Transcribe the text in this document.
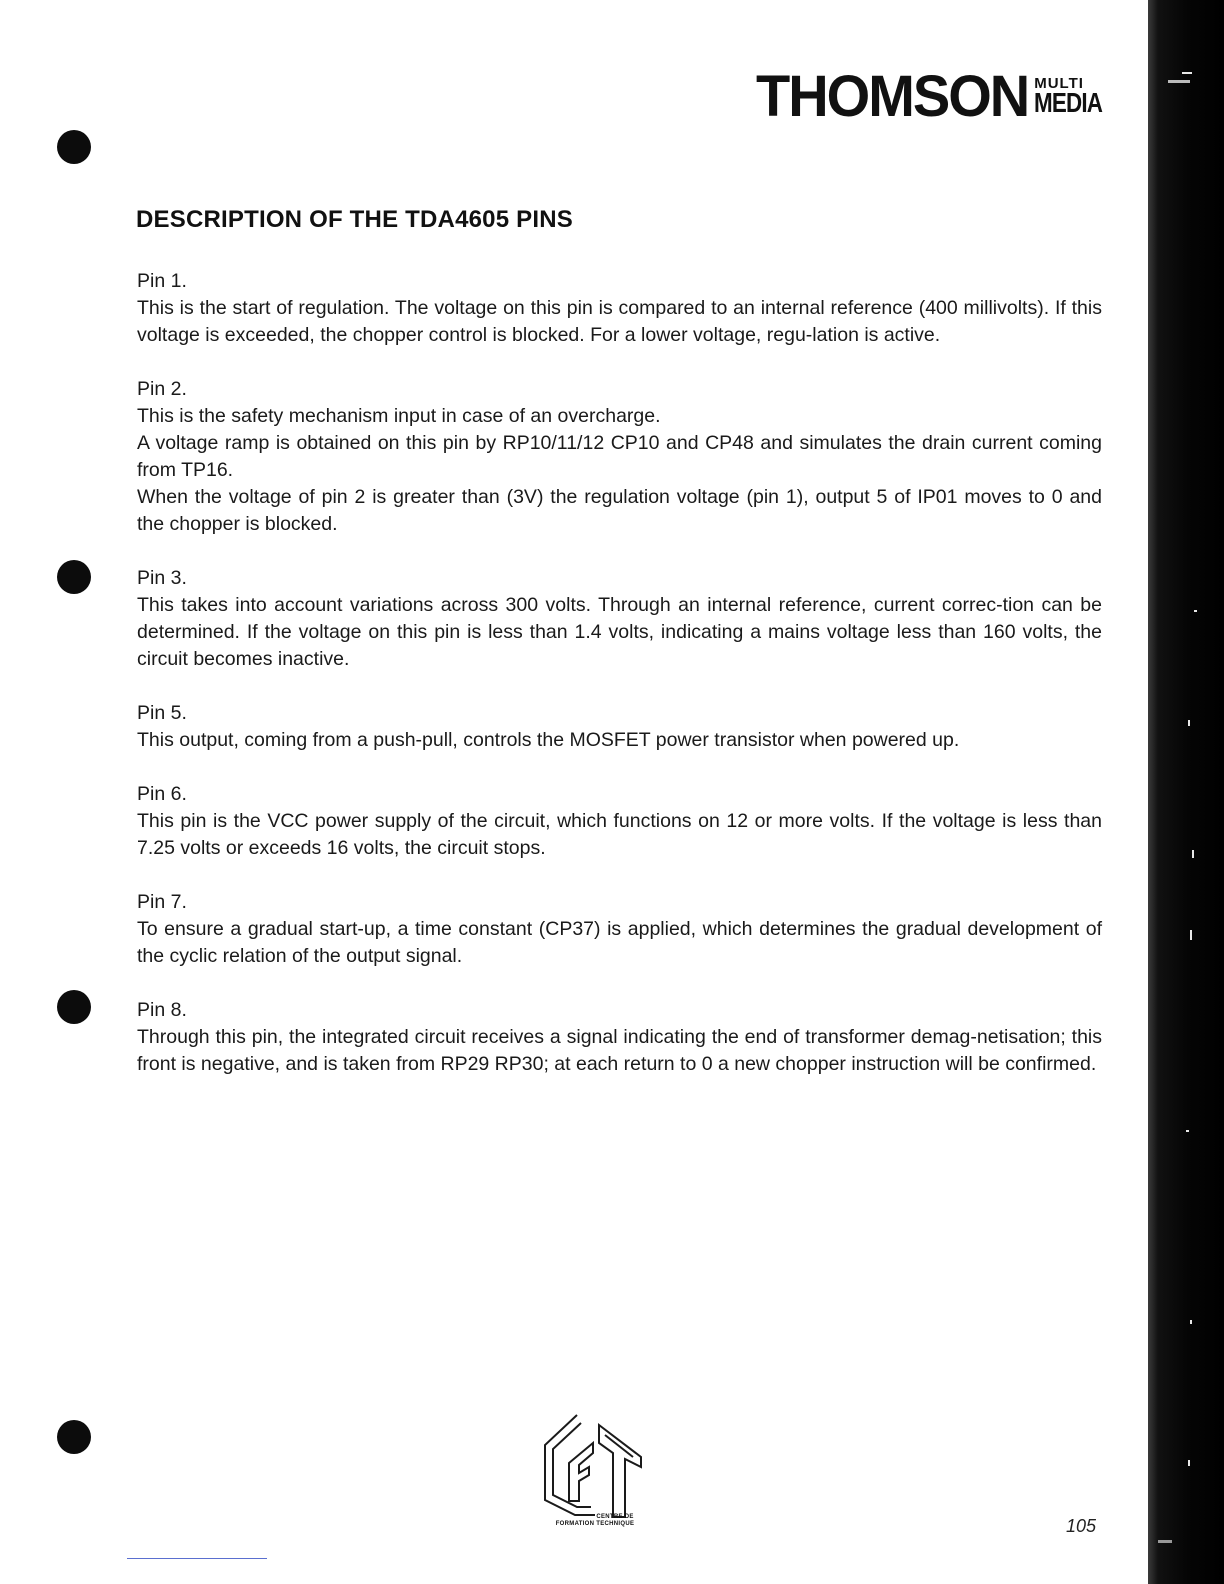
THOMSON MULTI
MEDIA
DESCRIPTION OF THE TDA4605 PINS
Pin 1.
This is the start of regulation. The voltage on this pin is compared to an internal reference (400 millivolts). If this voltage is exceeded, the chopper control is blocked. For a lower voltage, regu-lation is active.
Pin 2.
This is the safety mechanism input in case of an overcharge.
A voltage ramp is obtained on this pin by RP10/11/12 CP10 and CP48 and simulates the drain current coming from TP16.
When the voltage of pin 2 is greater than (3V) the regulation voltage (pin 1), output 5 of IP01 moves to 0 and the chopper is blocked.
Pin 3.
This takes into account variations across 300 volts. Through an internal reference, current correc-tion can be determined. If the voltage on this pin is less than 1.4 volts, indicating a mains voltage less than 160 volts, the circuit becomes inactive.
Pin 5.
This output, coming from a push-pull, controls the MOSFET power transistor when powered up.
Pin 6.
This pin is the VCC power supply of the circuit, which functions on 12 or more volts. If the voltage is less than 7.25 volts or exceeds 16 volts, the circuit stops.
Pin 7.
To ensure a gradual start-up, a time constant (CP37) is applied, which determines the gradual development of the cyclic relation of the output signal.
Pin 8.
Through this pin, the integrated circuit receives a signal indicating the end of transformer demag-netisation; this front is negative, and is taken from RP29 RP30; at each return to 0 a new chopper instruction will be confirmed.
CENTRE DE
FORMATION TECHNIQUE	105
